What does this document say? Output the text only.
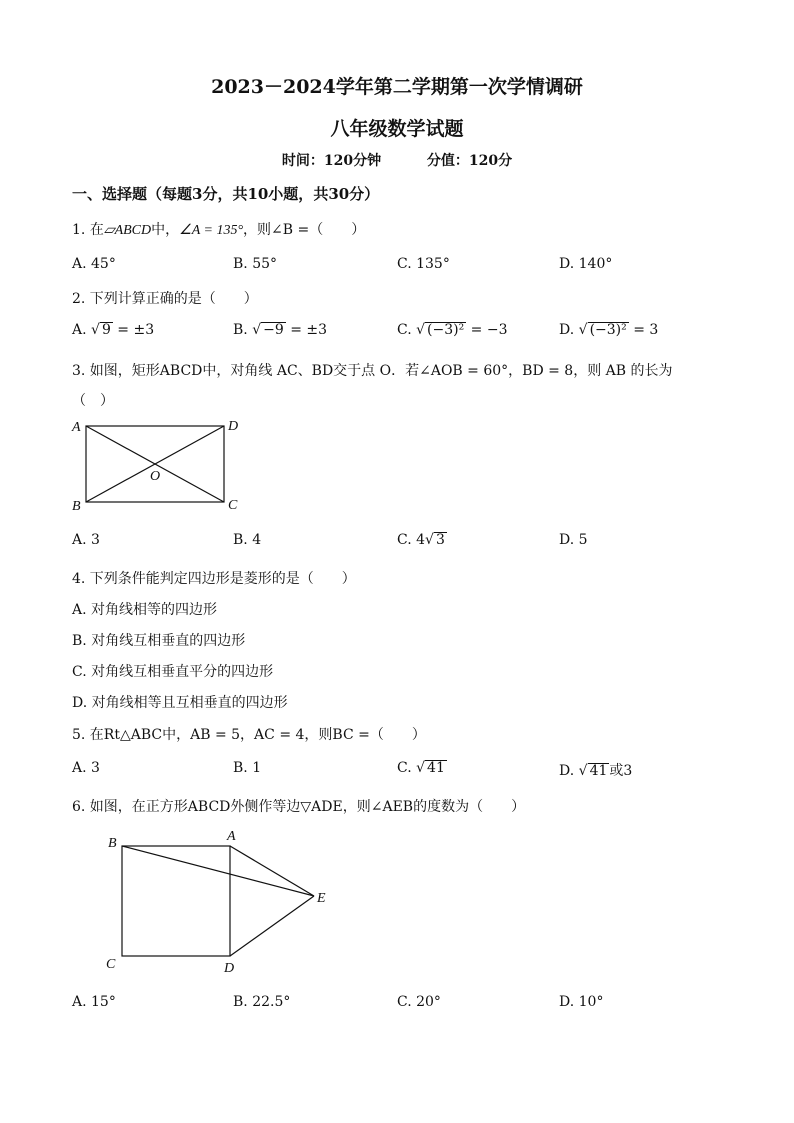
2023－2024学年第二学期第一次学情调研
八年级数学试题
时间：120分钟	分值：120分
一、选择题（每题3分，共10小题，共30分）
1. 在▱ABCD中，∠A = 135°，则∠B =（　　）
A. 45°	B. 55°	C. 135°	D. 140°
2. 下列计算正确的是（　　）
A. √ 9 = ±3	B. √ −9 = ±3	C. √ (−3)² = −3	D. √ (−3)² = 3
3. 如图，矩形ABCD中，对角线 AC、BD交于点 O．若∠AOB = 60°，BD = 8，则 AB 的长为
（　）
A	D
B	C
O
A. 3	B. 4	C. 4√ 3	D. 5
4. 下列条件能判定四边形是菱形的是（　　）
A. 对角线相等的四边形
B. 对角线互相垂直的四边形
C. 对角线互相垂直平分的四边形
D. 对角线相等且互相垂直的四边形
5. 在Rt△ABC中，AB = 5，AC = 4，则BC =（　　）
A. 3	B. 1	C. √ 41	D. √ 41 或3
6. 如图，在正方形ABCD外侧作等边▽ADE，则∠AEB的度数为（　　）
B	A
E
C	D
A. 15°	B. 22.5°	C. 20°	D. 10°
